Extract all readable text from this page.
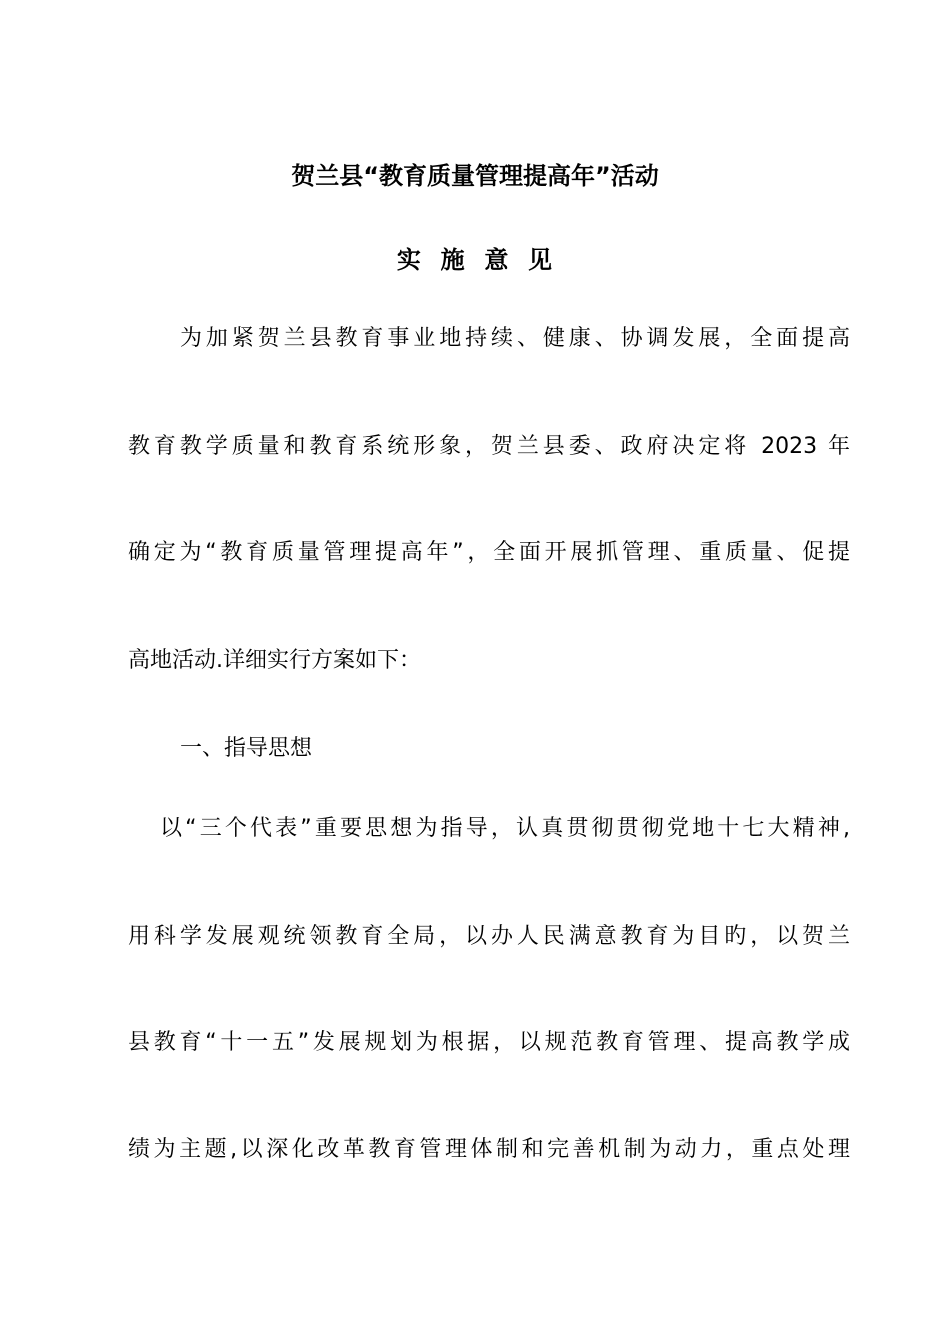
贺兰县“教育质量管理提高年”活动
实  施  意  见
为加紧贺兰县教育事业地持续、健康、协调发展，全面提高
教育教学质量和教育系统形象，贺兰县委、政府决定将 2023 年
确定为“教育质量管理提高年”，全面开展抓管理、重质量、促提
高地活动.详细实行方案如下：
一、指导思想
以“三个代表”重要思想为指导，认真贯彻贯彻党地十七大精神,
用科学发展观统领教育全局，以办人民满意教育为目旳，以贺兰
县教育“十一五”发展规划为根据，以规范教育管理、提高教学成
绩为主题,以深化改革教育管理体制和完善机制为动力，重点处理
